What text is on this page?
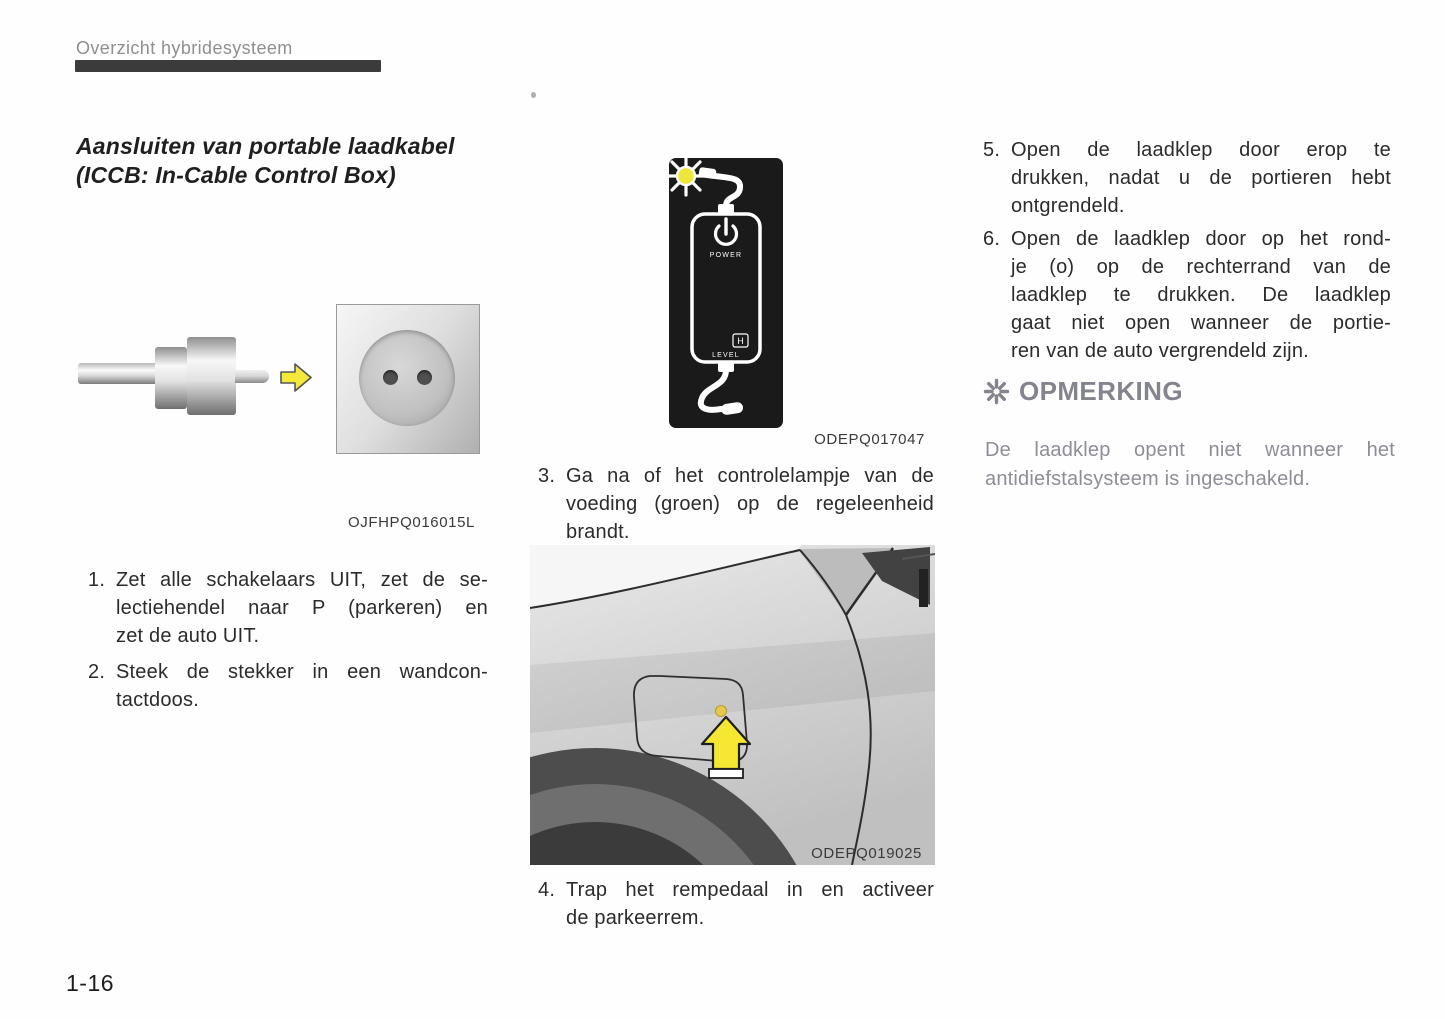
Overzicht hybridesysteem
Aansluiten van portable laadkabel
(ICCB: In-Cable Control Box)
OJFHPQ016015L
1. Zet alle schakelaars UIT, zet de se-
lectiehendel naar P (parkeren) en
zet de auto UIT.
2. Steek de stekker in een wandcon-
tactdoos.
POWER
H
LEVEL
ODEPQ017047
3. Ga na of het controlelampje van de
voeding (groen) op de regeleenheid
brandt.
ODEPQ019025
4. Trap het rempedaal in en activeer
de parkeerrem.
5. Open de laadklep door erop te
drukken, nadat u de portieren hebt
ontgrendeld.
6. Open de laadklep door op het rond-
je (o) op de rechterrand van de
laadklep te drukken. De laadklep
gaat niet open wanneer de portie-
ren van de auto vergrendeld zijn.
OPMERKING
De laadklep opent niet wanneer het
antidiefstalsysteem is ingeschakeld.
1-16
